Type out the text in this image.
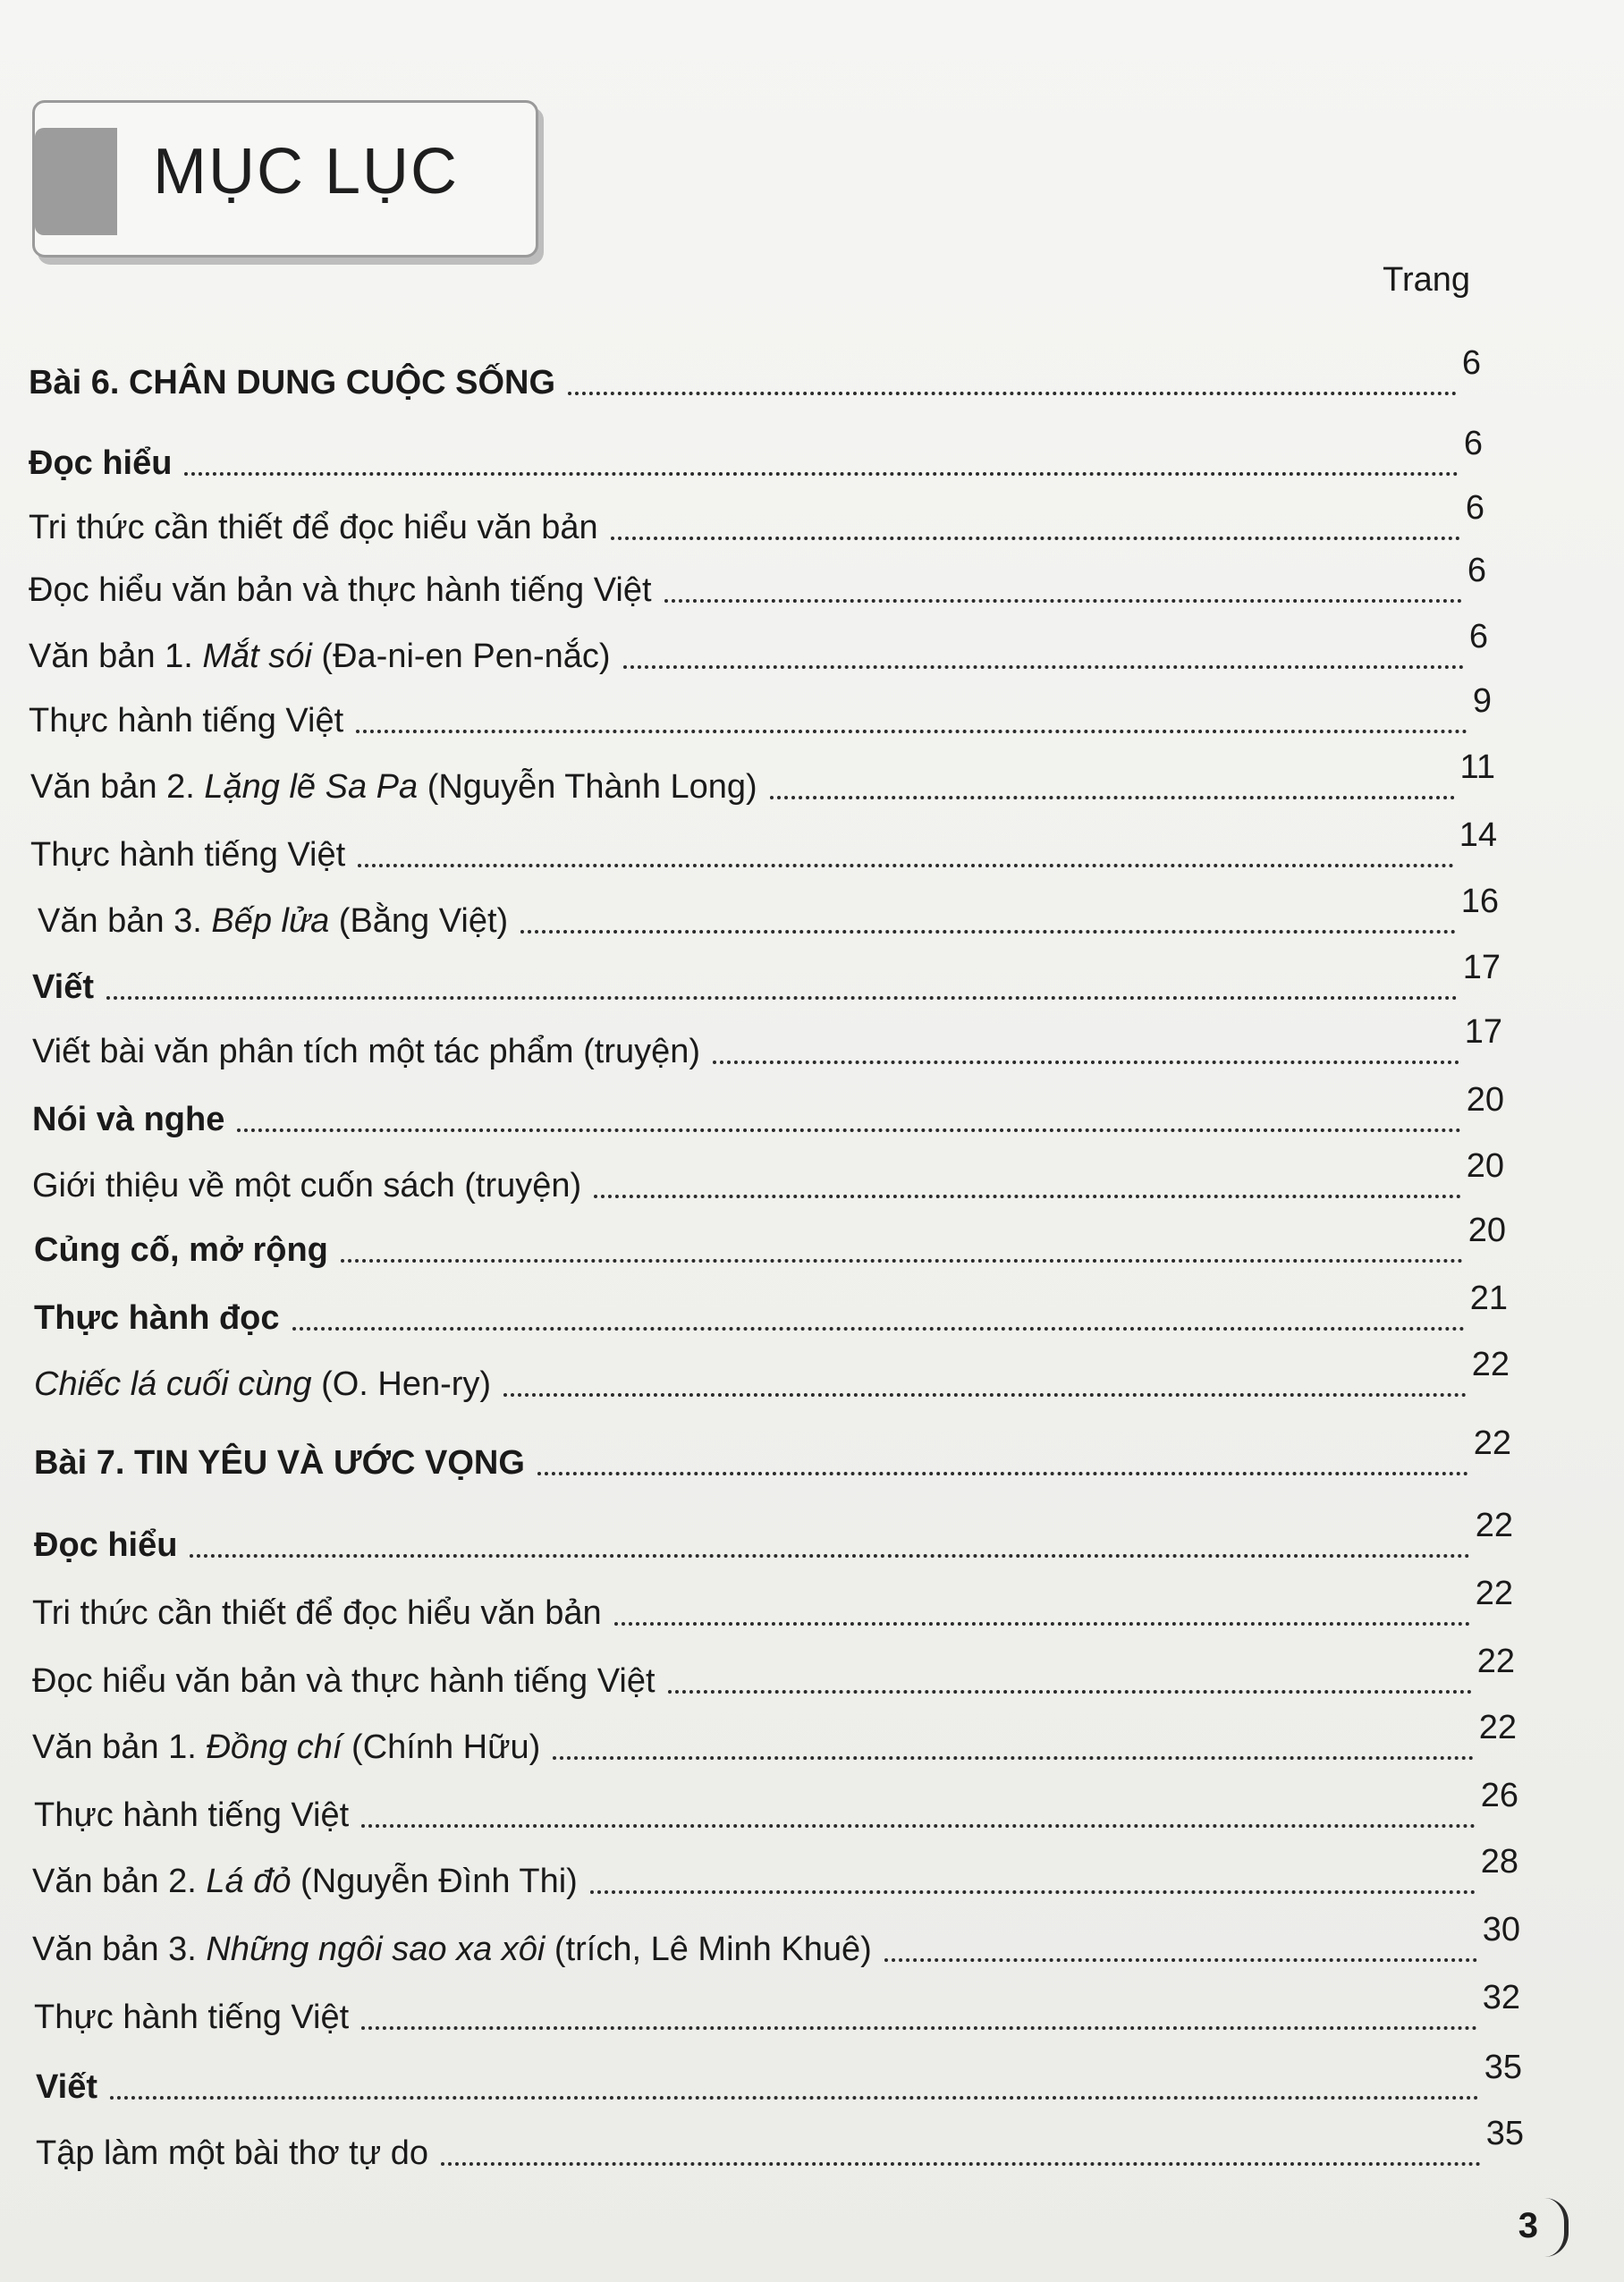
MỤC LỤC
Trang
Bài 6. CHÂN DUNG CUỘC SỐNG
6
Đọc hiểu
6
Tri thức cần thiết để đọc hiểu văn bản
6
Đọc hiểu văn bản và thực hành tiếng Việt
6
Văn bản 1. Mắt sói (Đa-ni-en Pen-nắc)
6
Thực hành tiếng Việt
9
Văn bản 2. Lặng lẽ Sa Pa (Nguyễn Thành Long)
11
Thực hành tiếng Việt
14
Văn bản 3. Bếp lửa (Bằng Việt)
16
Viết
17
Viết bài văn phân tích một tác phẩm (truyện)
17
Nói và nghe
20
Giới thiệu về một cuốn sách (truyện)
20
Củng cố, mở rộng
20
Thực hành đọc
21
Chiếc lá cuối cùng (O. Hen-ry)
22
Bài 7. TIN YÊU VÀ ƯỚC VỌNG
22
Đọc hiểu
22
Tri thức cần thiết để đọc hiểu văn bản
22
Đọc hiểu văn bản và thực hành tiếng Việt
22
Văn bản 1. Đồng chí (Chính Hữu)
22
Thực hành tiếng Việt
26
Văn bản 2. Lá đỏ (Nguyễn Đình Thi)
28
Văn bản 3. Những ngôi sao xa xôi (trích, Lê Minh Khuê)
30
Thực hành tiếng Việt
32
Viết
35
Tập làm một bài thơ tự do
35
3
